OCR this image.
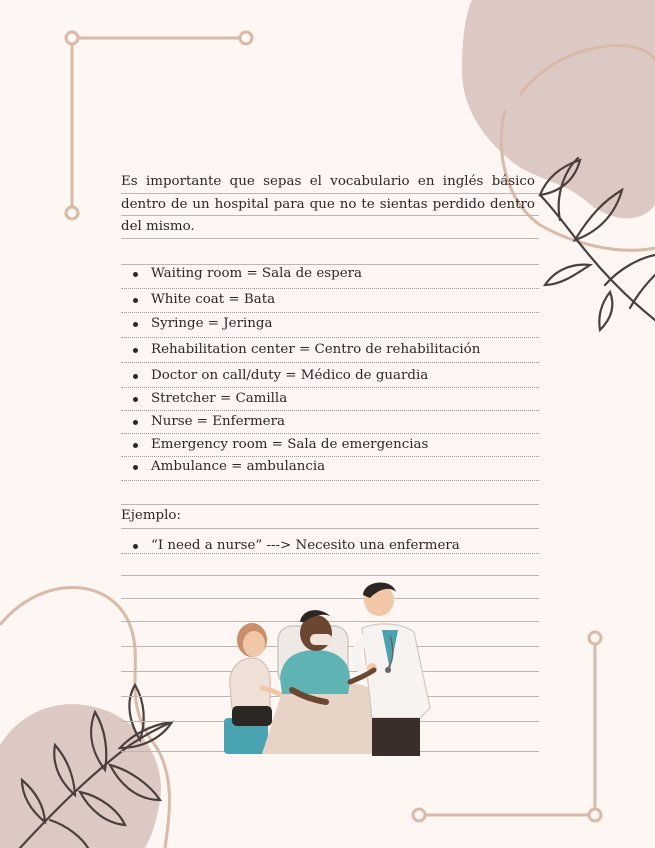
Es importante que sepas el vocabulario en inglés básico dentro de un hospital para que no te sientas perdido dentro del mismo.
Waiting room = Sala de espera
White coat = Bata
Syringe = Jeringa
Rehabilitation center = Centro de rehabilitación
Doctor on call/duty = Médico de guardia
Stretcher = Camilla
Nurse = Enfermera
Emergency room = Sala de emergencias
Ambulance = ambulancia
Ejemplo:
“I need a nurse” ---> Necesito una enfermera
